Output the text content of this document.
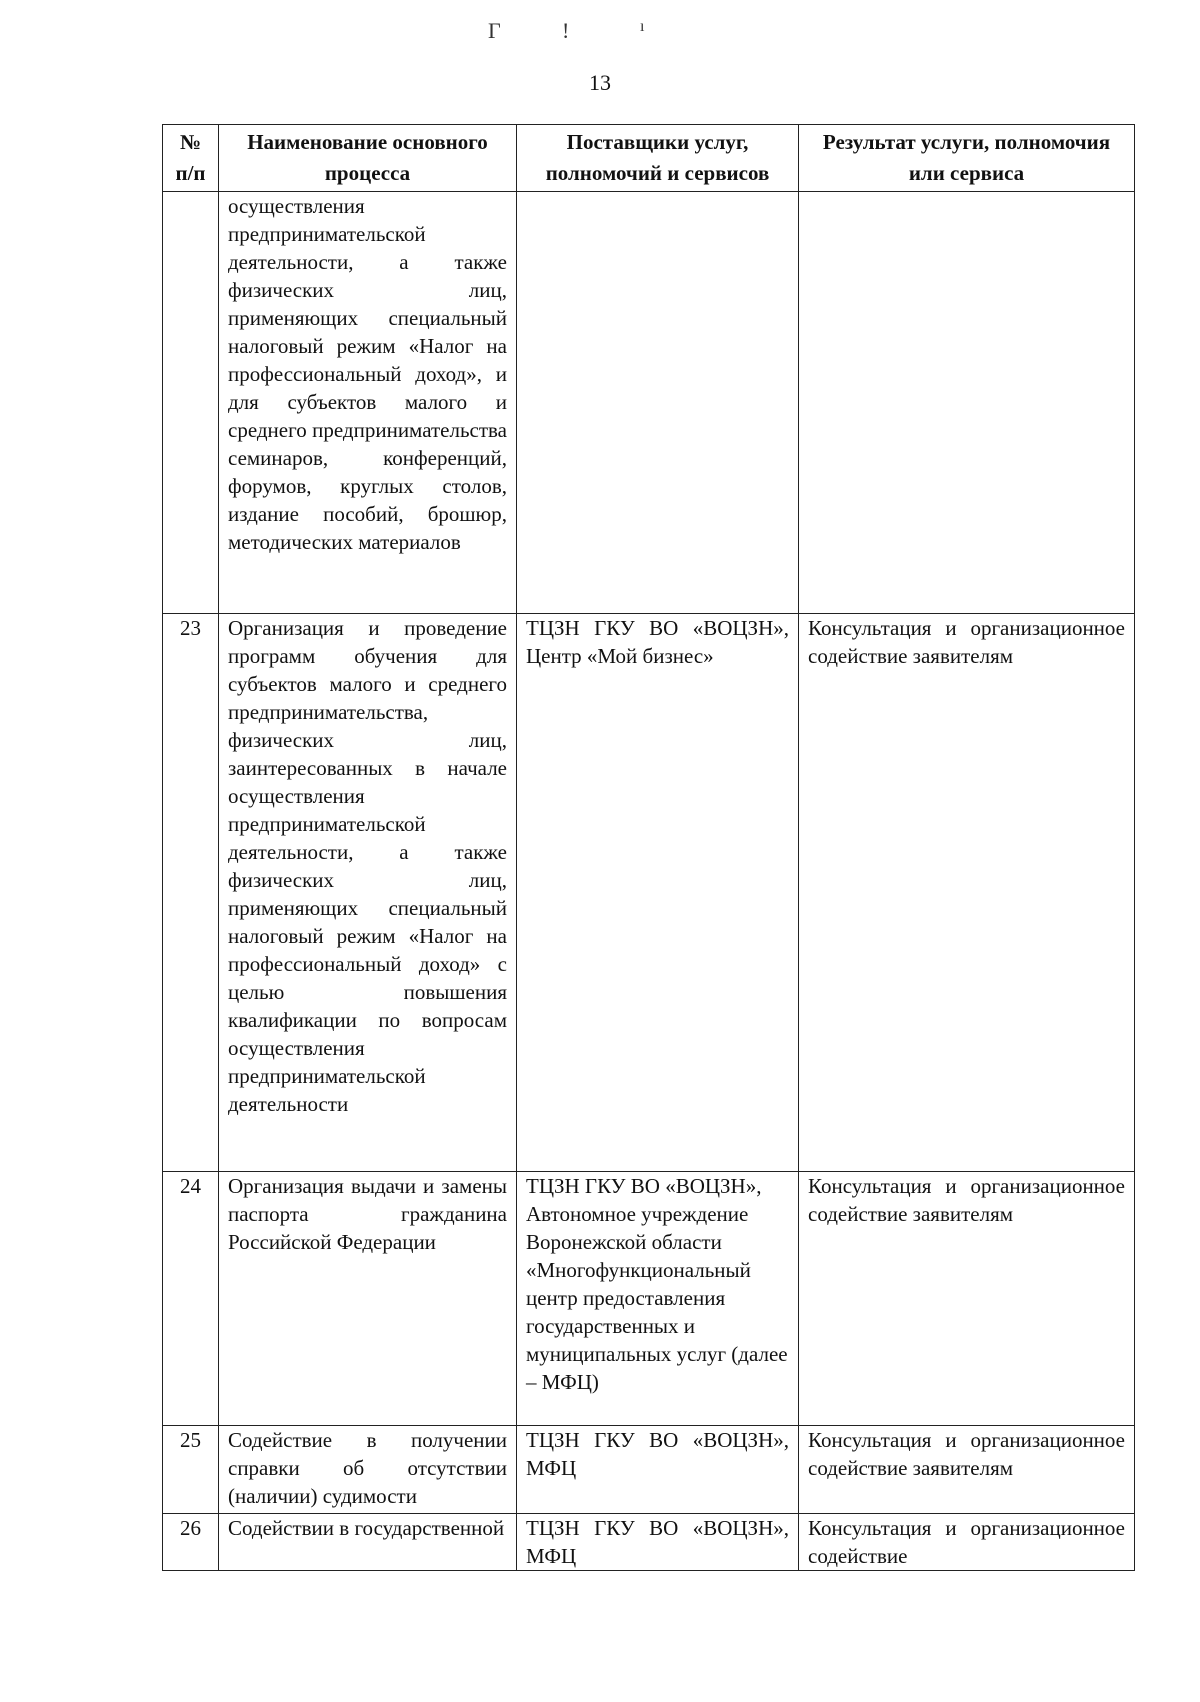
Г	!	ı
13
№ п/п	Наименование основного процесса	Поставщики услуг, полномочий и сервисов	Результат услуги, полномочия или сервиса
	осуществления предпринимательской деятельности, а также физических лиц, применяющих специальный налоговый режим «Налог на профессиональный доход», и для субъектов малого и среднего предпринимательства семинаров, конференций, форумов, круглых столов, издание пособий, брошюр, методических материалов		
23	Организация и проведение программ обучения для субъектов малого и среднего предпринимательства, физических лиц, заинтересованных в начале осуществления предпринимательской деятельности, а также физических лиц, применяющих специальный налоговый режим «Налог на профессиональный доход» с целью повышения квалификации по вопросам осуществления предпринимательской деятельности	ТЦЗН ГКУ ВО «ВОЦЗН», Центр «Мой бизнес»	Консультация и организационное содействие заявителям
24	Организация выдачи и замены паспорта гражданина Российской Федерации	ТЦЗН ГКУ ВО «ВОЦЗН», Автономное учреждение Воронежской области «Многофункциональный центр предоставления государственных и муниципальных услуг (далее – МФЦ)	Консультация и организационное содействие заявителям
25	Содействие в получении справки об отсутствии (наличии) судимости	ТЦЗН ГКУ ВО «ВОЦЗН», МФЦ	Консультация и организационное содействие заявителям
26	Содействии в государственной	ТЦЗН ГКУ ВО «ВОЦЗН», МФЦ	Консультация и организационное содействие
